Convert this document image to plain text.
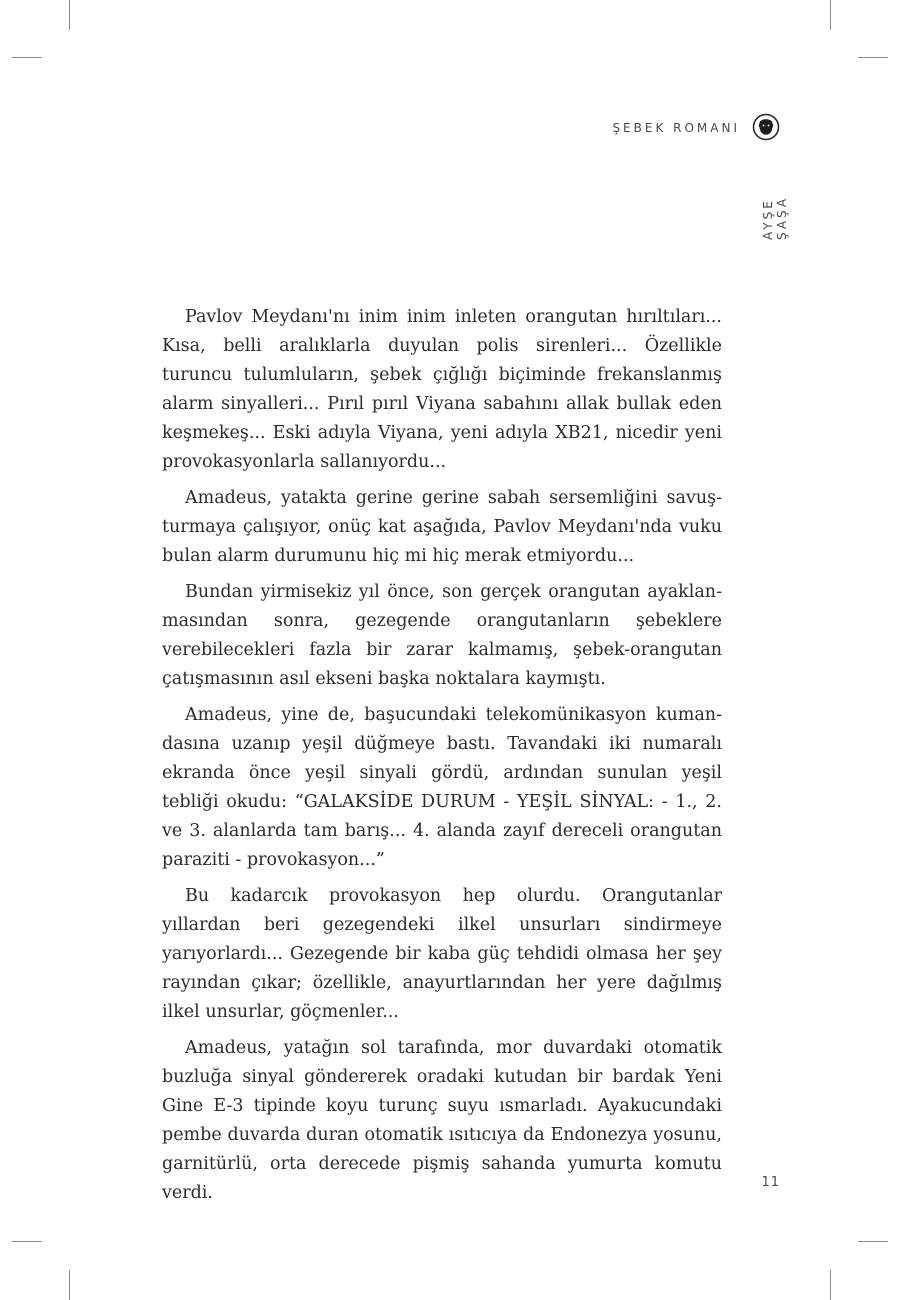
ŞEBEK ROMANI
AYŞE ŞAŞA

Pavlov Meydanı'nı inim inim inleten orangutan hırıltıları... Kısa, belli aralıklarla duyulan polis sirenleri... Özellikle turuncu tulumluların, şebek çığlığı biçiminde frekanslanmış alarm sinyalleri... Pırıl pırıl Viyana sabahını allak bullak eden keşmekeş... Eski adıyla Viyana, yeni adıyla XB21, nicedir yeni provokasyonlarla sallanıyordu...

Amadeus, yatakta gerine gerine sabah sersemliğini savuşturmaya çalışıyor, onüç kat aşağıda, Pavlov Meydanı'nda vuku bulan alarm durumunu hiç mi hiç merak etmiyordu...

Bundan yirmisekiz yıl önce, son gerçek orangutan ayaklanmasından sonra, gezegende orangutanların şebeklere verebilecekleri fazla bir zarar kalmamış, şebek-orangutan çatışmasının asıl ekseni başka noktalara kaymıştı.

Amadeus, yine de, başucundaki telekomünikasyon kumandasına uzanıp yeşil düğmeye bastı. Tavandaki iki numaralı ekranda önce yeşil sinyali gördü, ardından sunulan yeşil tebliği okudu: “GALAKSİDE DURUM - YEŞİL SİNYAL: - 1., 2. ve 3. alanlarda tam barış... 4. alanda zayıf dereceli orangutan paraziti - provokasyon...”

Bu kadarcık provokasyon hep olurdu. Orangutanlar yıllardan beri gezegendeki ilkel unsurları sindirmeye yarıyorlardı... Gezegende bir kaba güç tehdidi olmasa her şey rayından çıkar; özellikle, anayurtlarından her yere dağılmış ilkel unsurlar, göçmenler...

Amadeus, yatağın sol tarafında, mor duvardaki otomatik buzluğa sinyal göndererek oradaki kutudan bir bardak Yeni Gine E-3 tipinde koyu turunç suyu ısmarladı. Ayakucundaki pembe duvarda duran otomatik ısıtıcıya da Endonezya yosunu, garnitürlü, orta derecede pişmiş sahanda yumurta komutu verdi.

11
